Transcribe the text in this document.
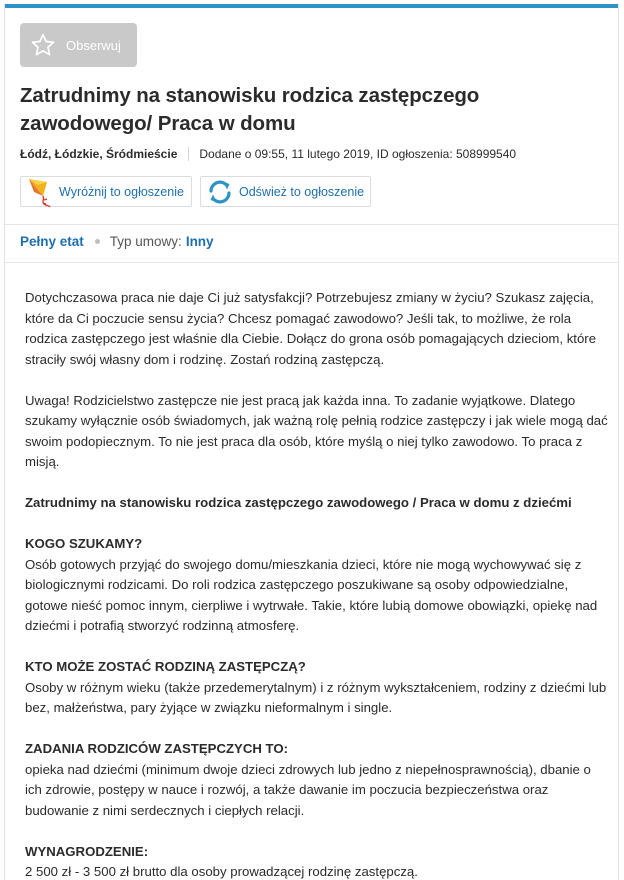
Obserwuj
Zatrudnimy na stanowisku rodzica zastępczego zawodowego/ Praca w domu
Łódź, Łódzkie, Śródmieście Dodane o 09:55, 11 lutego 2019, ID ogłoszenia: 508999540
Wyróżnij to ogłoszenie	Odśwież to ogłoszenie
Pełny etat Typ umowy: Inny

Dotychczasowa praca nie daje Ci już satysfakcji? Potrzebujesz zmiany w życiu? Szukasz zajęcia, które da Ci poczucie sensu życia? Chcesz pomagać zawodowo? Jeśli tak, to możliwe, że rola rodzica zastępczego jest właśnie dla Ciebie. Dołącz do grona osób pomagających dzieciom, które straciły swój własny dom i rodzinę. Zostań rodziną zastępczą.

Uwaga! Rodzicielstwo zastępcze nie jest pracą jak każda inna. To zadanie wyjątkowe. Dlatego szukamy wyłącznie osób świadomych, jak ważną rolę pełnią rodzice zastępczy i jak wiele mogą dać swoim podopiecznym. To nie jest praca dla osób, które myślą o niej tylko zawodowo. To praca z misją.

Zatrudnimy na stanowisku rodzica zastępczego zawodowego / Praca w domu z dziećmi

KOGO SZUKAMY?
Osób gotowych przyjąć do swojego domu/mieszkania dzieci, które nie mogą wychowywać się z biologicznymi rodzicami. Do roli rodzica zastępczego poszukiwane są osoby odpowiedzialne, gotowe nieść pomoc innym, cierpliwe i wytrwałe. Takie, które lubią domowe obowiązki, opiekę nad dziećmi i potrafią stworzyć rodzinną atmosferę.

KTO MOŻE ZOSTAĆ RODZINĄ ZASTĘPCZĄ?
Osoby w różnym wieku (także przedemerytalnym) i z różnym wykształceniem, rodziny z dziećmi lub bez, małżeństwa, pary żyjące w związku nieformalnym i single.

ZADANIA RODZICÓW ZASTĘPCZYCH TO:
opieka nad dziećmi (minimum dwoje dzieci zdrowych lub jedno z niepełnosprawnością), dbanie o ich zdrowie, postępy w nauce i rozwój, a także dawanie im poczucia bezpieczeństwa oraz budowanie z nimi serdecznych i ciepłych relacji.

WYNAGRODZENIE:
2 500 zł - 3 500 zł brutto dla osoby prowadzącej rodzinę zastępczą.
